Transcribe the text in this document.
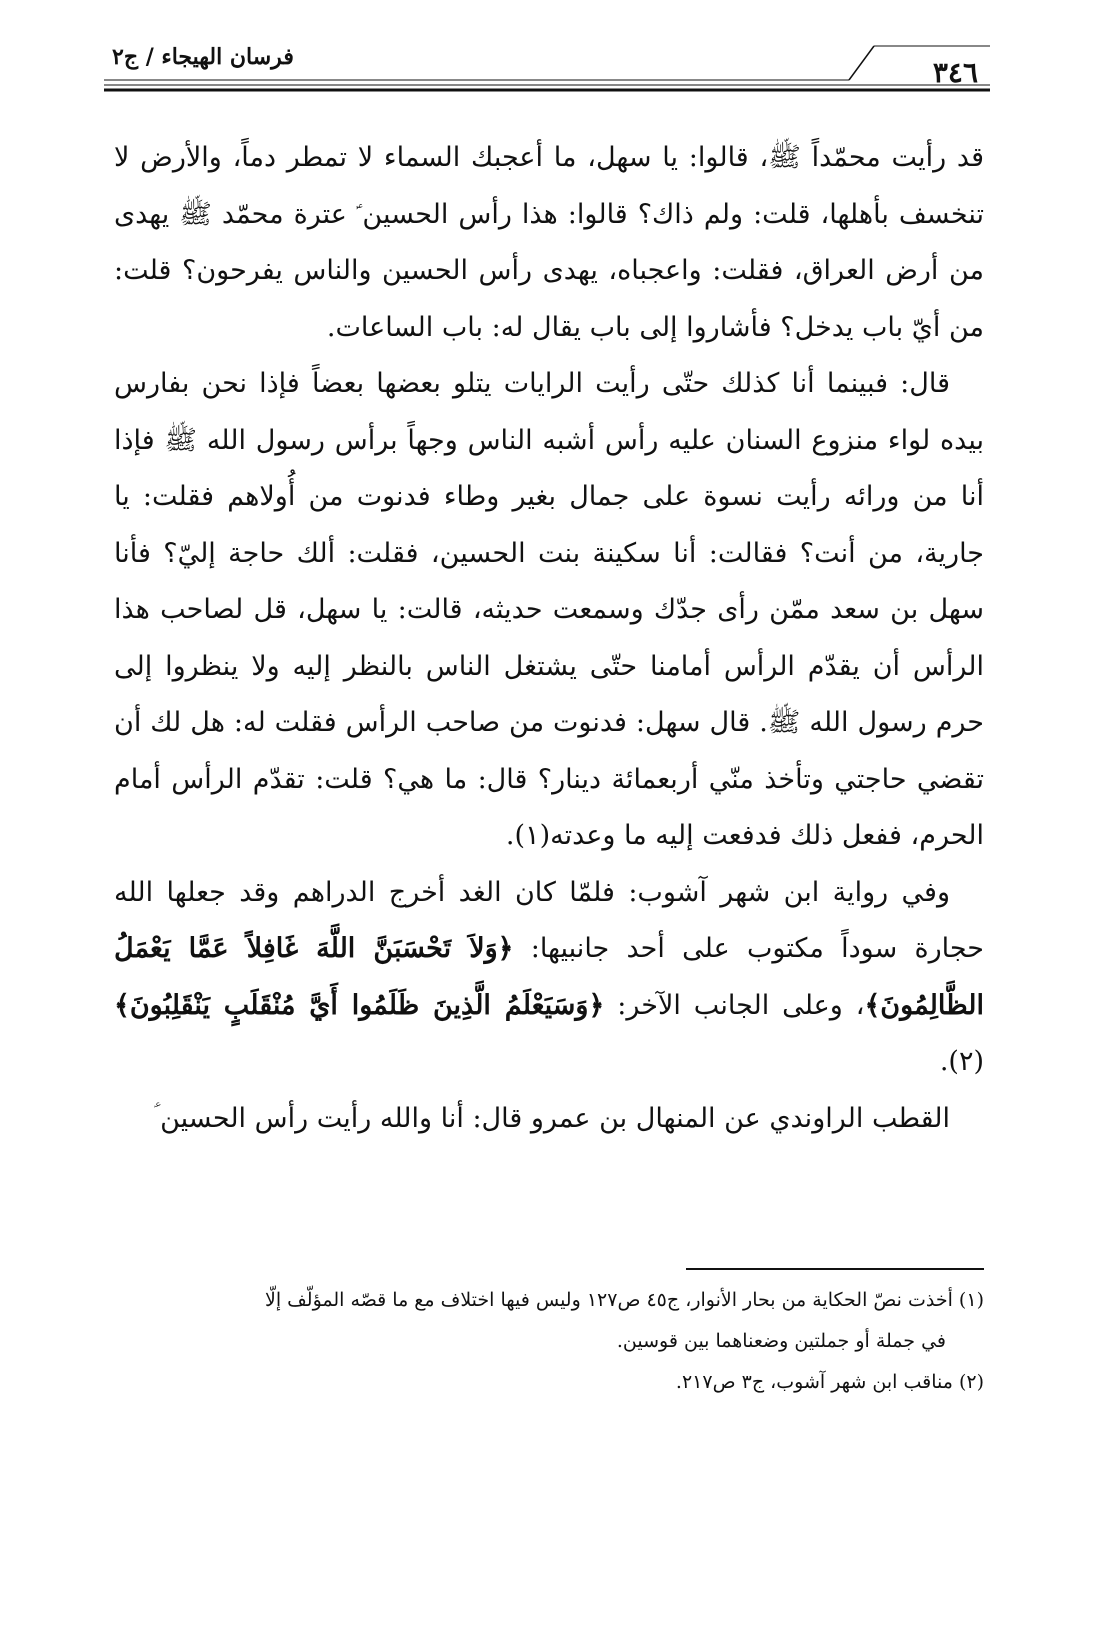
٣٤٦
فرسان الهيجاء / ج٢

قد رأيت محمّداً ﷺ، قالوا: يا سهل، ما أعجبك السماء لا تمطر دماً، والأرض لا تنخسف بأهلها، قلت: ولم ذاك؟ قالوا: هذا رأس الحسين ؑ عترة محمّد ﷺ يهدى من أرض العراق، فقلت: واعجباه، يهدى رأس الحسين والناس يفرحون؟ قلت: من أيّ باب يدخل؟ فأشاروا إلى باب يقال له: باب الساعات.

قال: فبينما أنا كذلك حتّى رأيت الرايات يتلو بعضها بعضاً فإذا نحن بفارس بيده لواء منزوع السنان عليه رأس أشبه الناس وجهاً برأس رسول الله ﷺ فإذا أنا من ورائه رأيت نسوة على جمال بغير وطاء فدنوت من أُولاهم فقلت: يا جارية، من أنت؟ فقالت: أنا سكينة بنت الحسين، فقلت: ألك حاجة إليّ؟ فأنا سهل بن سعد ممّن رأى جدّك وسمعت حديثه، قالت: يا سهل، قل لصاحب هذا الرأس أن يقدّم الرأس أمامنا حتّى يشتغل الناس بالنظر إليه ولا ينظروا إلى حرم رسول الله ﷺ. قال سهل: فدنوت من صاحب الرأس فقلت له: هل لك أن تقضي حاجتي وتأخذ منّي أربعمائة دينار؟ قال: ما هي؟ قلت: تقدّم الرأس أمام الحرم، ففعل ذلك فدفعت إليه ما وعدته(١).

وفي رواية ابن شهر آشوب: فلمّا كان الغد أخرج الدراهم وقد جعلها الله حجارة سوداً مكتوب على أحد جانبيها: ﴿وَلاَ تَحْسَبَنَّ اللَّهَ غَافِلاً عَمَّا يَعْمَلُ الظَّالِمُونَ﴾، وعلى الجانب الآخر: ﴿وَسَيَعْلَمُ الَّذِينَ ظَلَمُوا أَيَّ مُنْقَلَبٍ يَنْقَلِبُونَ﴾(٢).

القطب الراوندي عن المنهال بن عمرو قال: أنا والله رأيت رأس الحسين ؑ

(١) أخذت نصّ الحكاية من بحار الأنوار، ج٤٥ ص١٢٧ وليس فيها اختلاف مع ما قصّه المؤلّف إلّا

في جملة أو جملتين وضعناهما بين قوسين.

(٢) مناقب ابن شهر آشوب، ج٣ ص٢١٧.
